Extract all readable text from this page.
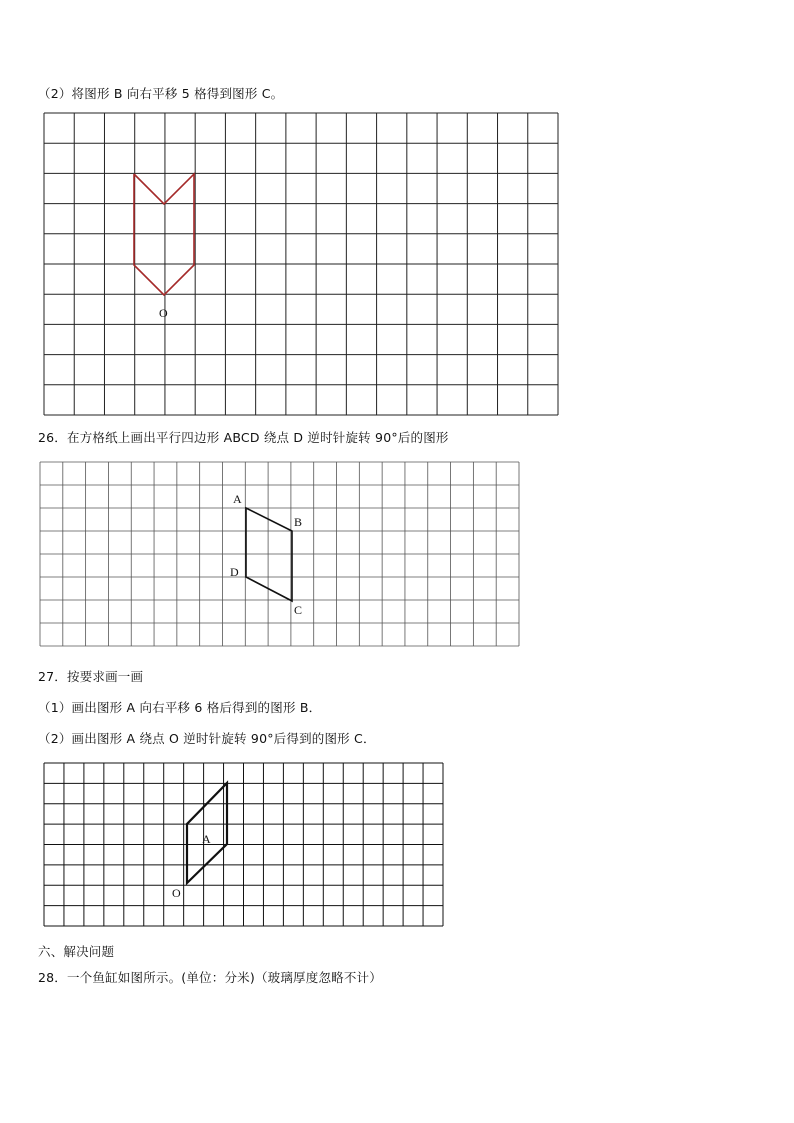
（2）将图形 B 向右平移 5 格得到图形 C。
O
26．在方格纸上画出平行四边形 ABCD 绕点 D 逆时针旋转 90°后的图形
A
B
C
D
27．按要求画一画
（1）画出图形 A 向右平移 6 格后得到的图形 B．
（2）画出图形 A 绕点 O 逆时针旋转 90°后得到的图形 C．
A
O
六、解决问题
28．一个鱼缸如图所示。(单位：分米)（玻璃厚度忽略不计）
